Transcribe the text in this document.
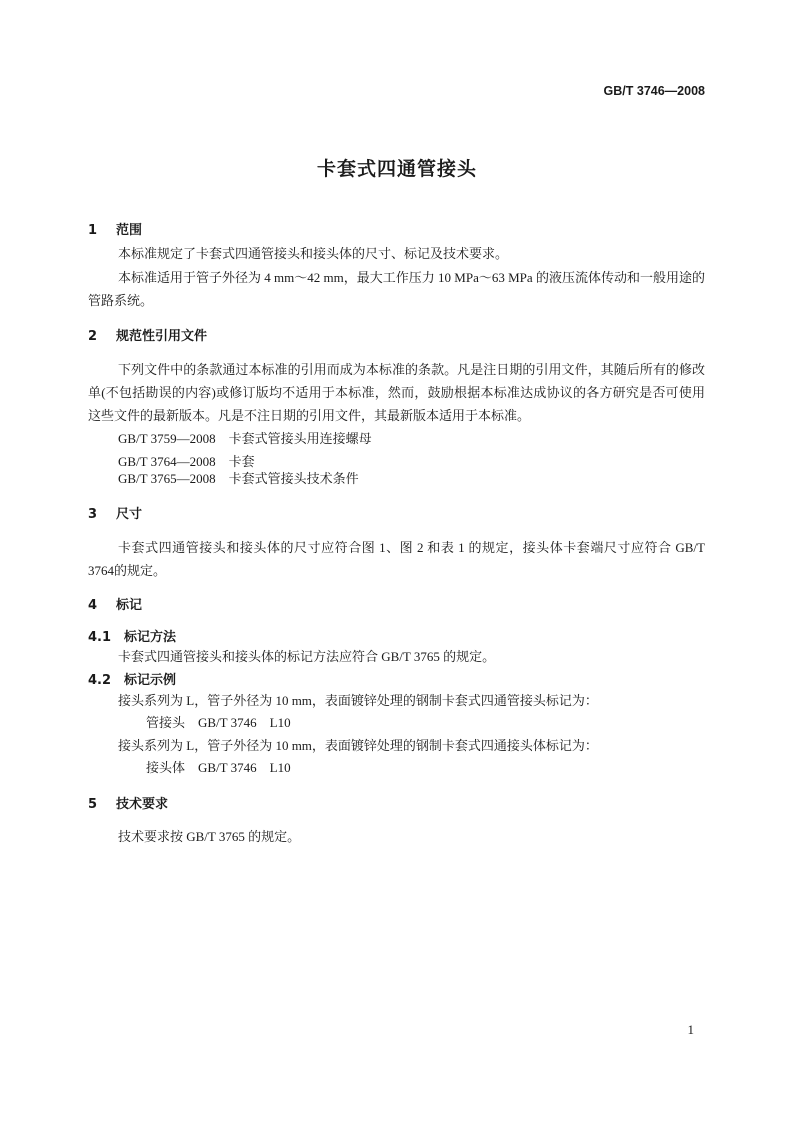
GB/T 3746—2008
卡套式四通管接头
1 范围
本标准规定了卡套式四通管接头和接头体的尺寸、标记及技术要求。
本标准适用于管子外径为 4 mm～42 mm，最大工作压力 10 MPa～63 MPa 的液压流体传动和一般用途的管路系统。
2 规范性引用文件
下列文件中的条款通过本标准的引用而成为本标准的条款。凡是注日期的引用文件，其随后所有的修改单(不包括勘误的内容)或修订版均不适用于本标准，然而，鼓励根据本标准达成协议的各方研究是否可使用这些文件的最新版本。凡是不注日期的引用文件，其最新版本适用于本标准。
GB/T 3759—2008　卡套式管接头用连接螺母
GB/T 3764—2008　卡套
GB/T 3765—2008　卡套式管接头技术条件
3 尺寸
卡套式四通管接头和接头体的尺寸应符合图 1、图 2 和表 1 的规定，接头体卡套端尺寸应符合 GB/T 3764的规定。
4 标记
4.1 标记方法
卡套式四通管接头和接头体的标记方法应符合 GB/T 3765 的规定。
4.2 标记示例
接头系列为 L，管子外径为 10 mm，表面镀锌处理的钢制卡套式四通管接头标记为：
管接头　GB/T 3746　L10
接头系列为 L，管子外径为 10 mm，表面镀锌处理的钢制卡套式四通接头体标记为：
接头体　GB/T 3746　L10
5 技术要求
技术要求按 GB/T 3765 的规定。
1
